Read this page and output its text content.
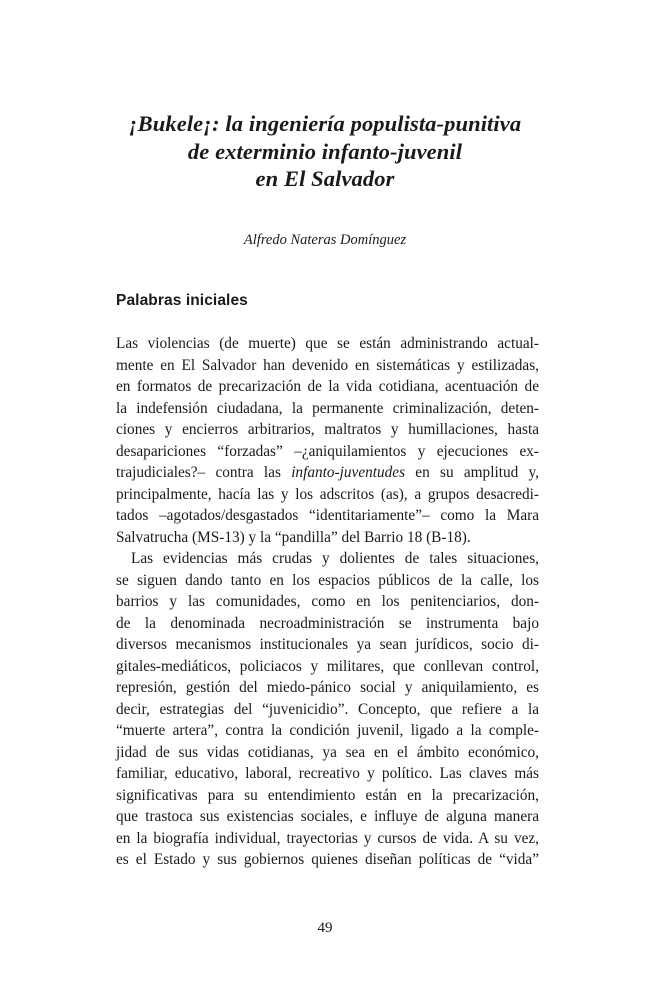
¡Bukele¡: la ingeniería populista-punitiva
de exterminio infanto-juvenil
en El Salvador
Alfredo Nateras Domínguez
Palabras iniciales
Las violencias (de muerte) que se están administrando actual-
mente en El Salvador han devenido en sistemáticas y estilizadas,
en formatos de precarización de la vida cotidiana, acentuación de
la indefensión ciudadana, la permanente criminalización, deten-
ciones y encierros arbitrarios, maltratos y humillaciones, hasta
desapariciones “forzadas” –¿aniquilamientos y ejecuciones ex-
trajudiciales?– contra las infanto-juventudes en su amplitud y,
principalmente, hacía las y los adscritos (as), a grupos desacredi-
tados –agotados/desgastados “identitariamente”– como la Mara
Salvatrucha (MS-13) y la “pandilla” del Barrio 18 (B-18).
Las evidencias más crudas y dolientes de tales situaciones,
se siguen dando tanto en los espacios públicos de la calle, los
barrios y las comunidades, como en los penitenciarios, don-
de la denominada necroadministración se instrumenta bajo
diversos mecanismos institucionales ya sean jurídicos, socio di-
gitales-mediáticos, policiacos y militares, que conllevan control,
represión, gestión del miedo-pánico social y aniquilamiento, es
decir, estrategias del “juvenicidio”. Concepto, que refiere a la
“muerte artera”, contra la condición juvenil, ligado a la comple-
jidad de sus vidas cotidianas, ya sea en el ámbito económico,
familiar, educativo, laboral, recreativo y político. Las claves más
significativas para su entendimiento están en la precarización,
que trastoca sus existencias sociales, e influye de alguna manera
en la biografía individual, trayectorias y cursos de vida. A su vez,
es el Estado y sus gobiernos quienes diseñan políticas de “vida”
49
